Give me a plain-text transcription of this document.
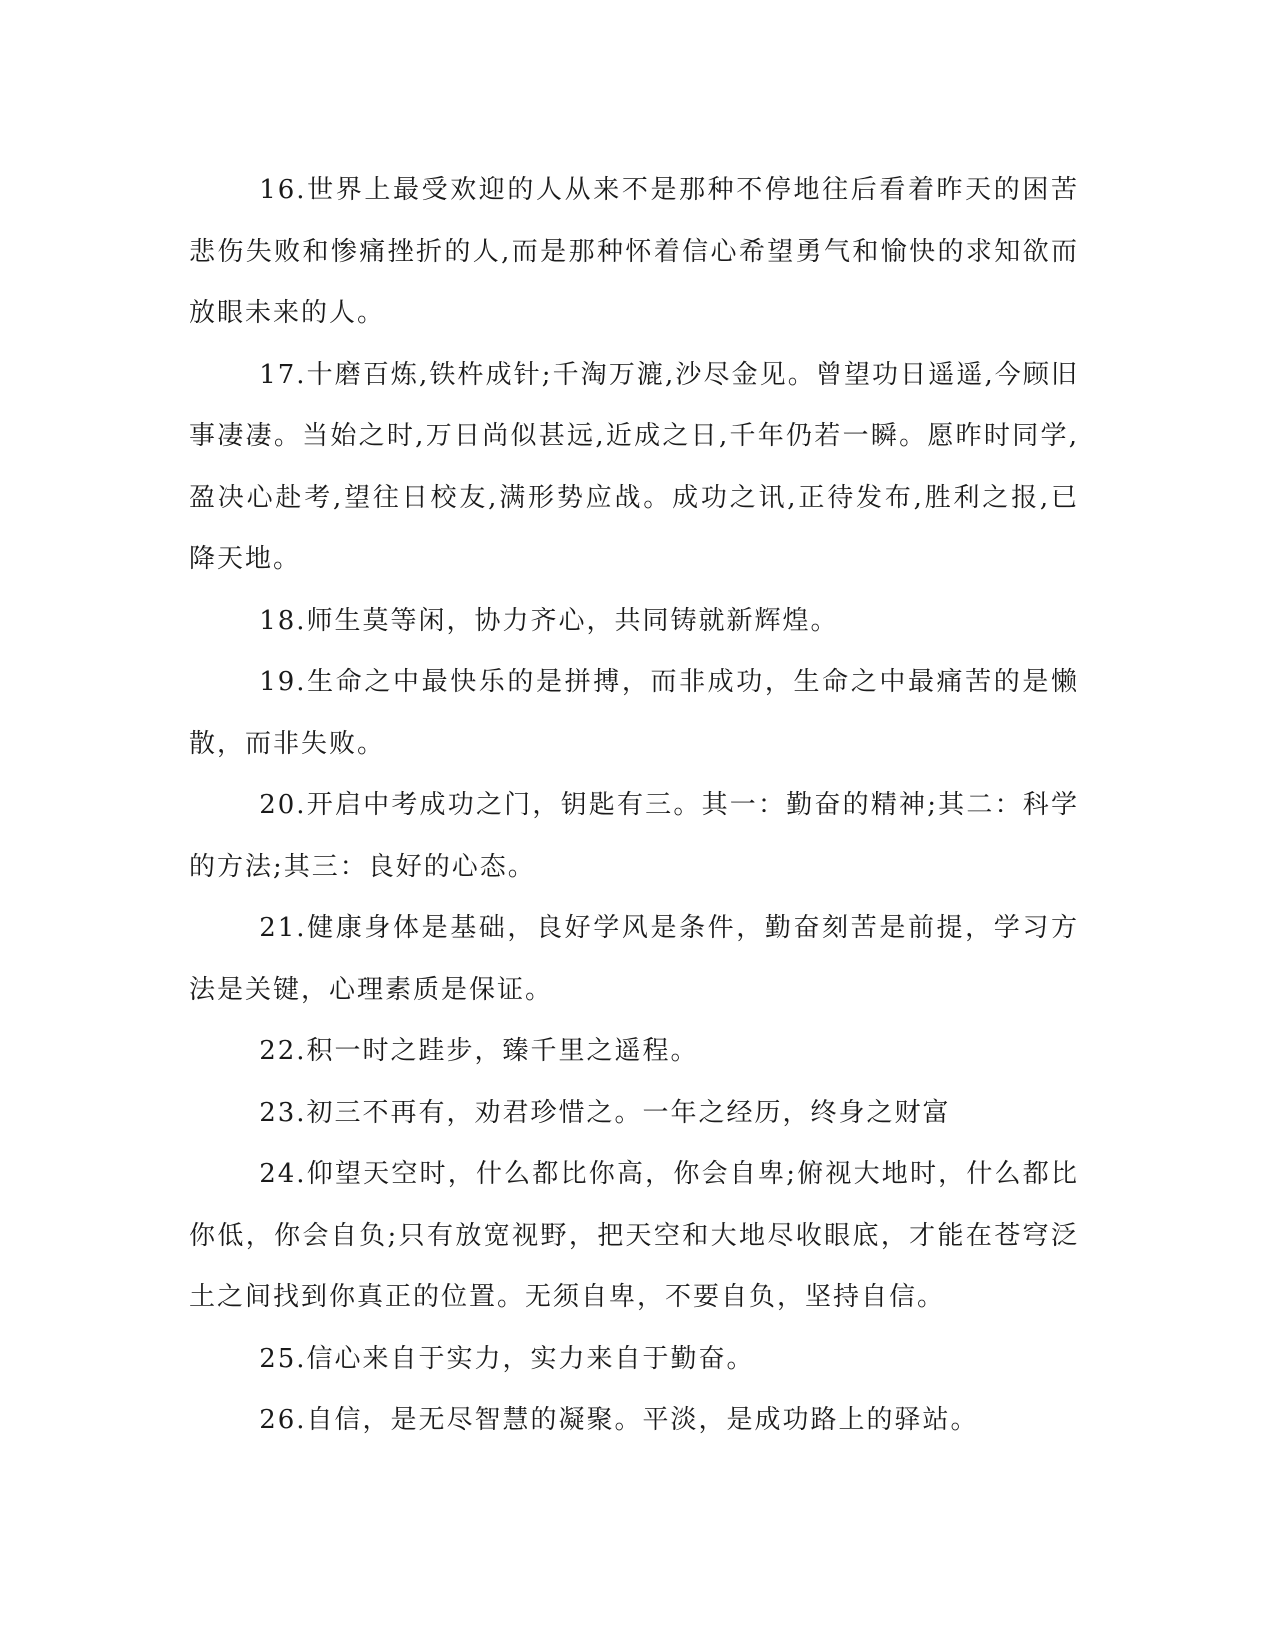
16.世界上最受欢迎的人从来不是那种不停地往后看着昨天的困苦悲伤失败和惨痛挫折的人,而是那种怀着信心希望勇气和愉快的求知欲而放眼未来的人。

17.十磨百炼,铁杵成针;千淘万漉,沙尽金见。曾望功日遥遥,今顾旧事凄凄。当始之时,万日尚似甚远,近成之日,千年仍若一瞬。愿昨时同学,盈决心赴考,望往日校友,满形势应战。成功之讯,正待发布,胜利之报,已降天地。

18.师生莫等闲，协力齐心，共同铸就新辉煌。

19.生命之中最快乐的是拼搏，而非成功，生命之中最痛苦的是懒散，而非失败。

20.开启中考成功之门，钥匙有三。其一：勤奋的精神;其二：科学的方法;其三：良好的心态。

21.健康身体是基础，良好学风是条件，勤奋刻苦是前提，学习方法是关键，心理素质是保证。

22.积一时之跬步，臻千里之遥程。

23.初三不再有，劝君珍惜之。一年之经历，终身之财富

24.仰望天空时，什么都比你高，你会自卑;俯视大地时，什么都比你低，你会自负;只有放宽视野，把天空和大地尽收眼底，才能在苍穹泛土之间找到你真正的位置。无须自卑，不要自负，坚持自信。

25.信心来自于实力，实力来自于勤奋。

26.自信，是无尽智慧的凝聚。平淡，是成功路上的驿站。
